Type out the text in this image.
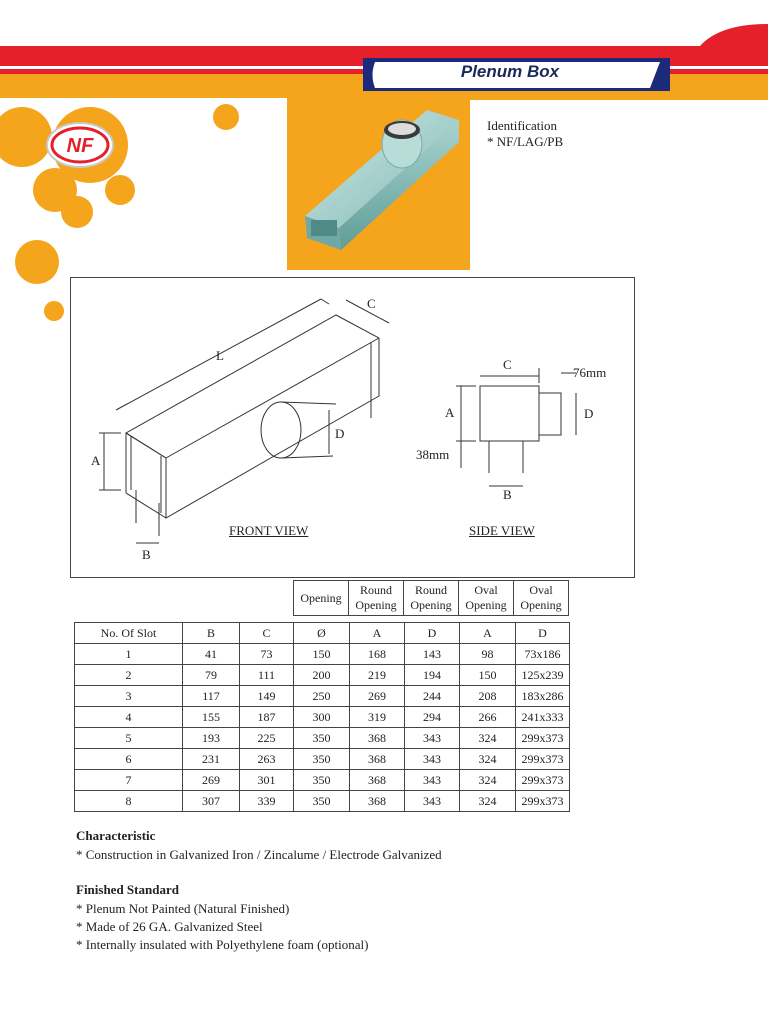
NF
Plenum Box
Identification
* NF/LAG/PB
L
C
A
D
B
FRONT VIEW
C
76mm
A	D
38mm
B
SIDE VIEW
Opening	Round Opening	Round Opening	Oval Opening	Oval Opening
No. Of Slot	B	C	Ø	A	D	A	D
1	41	73	150	168	143	98	73x186
2	79	111	200	219	194	150	125x239
3	117	149	250	269	244	208	183x286
4	155	187	300	319	294	266	241x333
5	193	225	350	368	343	324	299x373
6	231	263	350	368	343	324	299x373
7	269	301	350	368	343	324	299x373
8	307	339	350	368	343	324	299x373
Characteristic
* Construction in Galvanized Iron / Zincalume / Electrode Galvanized
Finished Standard
* Plenum Not Painted (Natural Finished)
* Made of 26 GA. Galvanized Steel
* Internally insulated with Polyethylene foam (optional)
